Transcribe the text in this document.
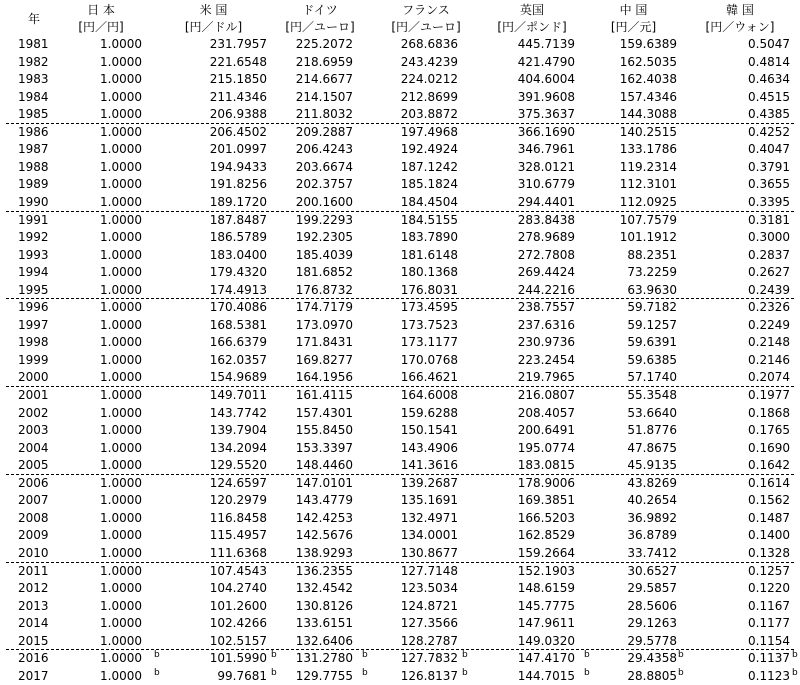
年
日 本	米 国	ドイツ	フランス	英国	中 国	韓 国
[円／円]	[円／ドル]	[円／ユーロ]	[円／ユーロ]	[円／ポンド]	[円／元]	[円／ウォン]
1981	1.0000	231.7957	225.2072	268.6836	445.7139	159.6389	0.5047
1982	1.0000	221.6548	218.6959	243.4239	421.4790	162.5035	0.4814
1983	1.0000	215.1850	214.6677	224.0212	404.6004	162.4038	0.4634
1984	1.0000	211.4346	214.1507	212.8699	391.9608	157.4346	0.4515
1985	1.0000	206.9388	211.8032	203.8872	375.3637	144.3088	0.4385
1986	1.0000	206.4502	209.2887	197.4968	366.1690	140.2515	0.4252
1987	1.0000	201.0997	206.4243	192.4924	346.7961	133.1786	0.4047
1988	1.0000	194.9433	203.6674	187.1242	328.0121	119.2314	0.3791
1989	1.0000	191.8256	202.3757	185.1824	310.6779	112.3101	0.3655
1990	1.0000	189.1720	200.1600	184.4504	294.4401	112.0925	0.3395
1991	1.0000	187.8487	199.2293	184.5155	283.8438	107.7579	0.3181
1992	1.0000	186.5789	192.2305	183.7890	278.9689	101.1912	0.3000
1993	1.0000	183.0400	185.4039	181.6148	272.7808	88.2351	0.2837
1994	1.0000	179.4320	181.6852	180.1368	269.4424	73.2259	0.2627
1995	1.0000	174.4913	176.8732	176.8031	244.2216	63.9630	0.2439
1996	1.0000	170.4086	174.7179	173.4595	238.7557	59.7182	0.2326
1997	1.0000	168.5381	173.0970	173.7523	237.6316	59.1257	0.2249
1998	1.0000	166.6379	171.8431	173.1177	230.9736	59.6391	0.2148
1999	1.0000	162.0357	169.8277	170.0768	223.2454	59.6385	0.2146
2000	1.0000	154.9689	164.1956	166.4621	219.7965	57.1740	0.2074
2001	1.0000	149.7011	161.4115	164.6008	216.0807	55.3548	0.1977
2002	1.0000	143.7742	157.4301	159.6288	208.4057	53.6640	0.1868
2003	1.0000	139.7904	155.8450	150.1541	200.6491	51.8776	0.1765
2004	1.0000	134.2094	153.3397	143.4906	195.0774	47.8675	0.1690
2005	1.0000	129.5520	148.4460	141.3616	183.0815	45.9135	0.1642
2006	1.0000	124.6597	147.0101	139.2687	178.9006	43.8269	0.1614
2007	1.0000	120.2979	143.4779	135.1691	169.3851	40.2654	0.1562
2008	1.0000	116.8458	142.4253	132.4971	166.5203	36.9892	0.1487
2009	1.0000	115.4957	142.5676	134.0001	162.8529	36.8789	0.1400
2010	1.0000	111.6368	138.9293	130.8677	159.2664	33.7412	0.1328
2011	1.0000	107.4543	136.2355	127.7148	152.1903	30.6527	0.1257
2012	1.0000	104.2740	132.4542	123.5034	148.6159	29.5857	0.1220
2013	1.0000	101.2600	130.8126	124.8721	145.7775	28.5606	0.1167
2014	1.0000	102.4266	133.6151	127.3566	147.9611	29.1263	0.1177
2015	1.0000	102.5157	132.6406	128.2787	149.0320	29.5778	0.1154
2016	1.0000 b	101.5990 b	131.2780 b	127.7832 b	147.4170 b	29.4358 b	0.1137 b
2017	1.0000 b	99.7681 b	129.7755 b	126.8137 b	144.7015 b	28.8805 b	0.1123 b
